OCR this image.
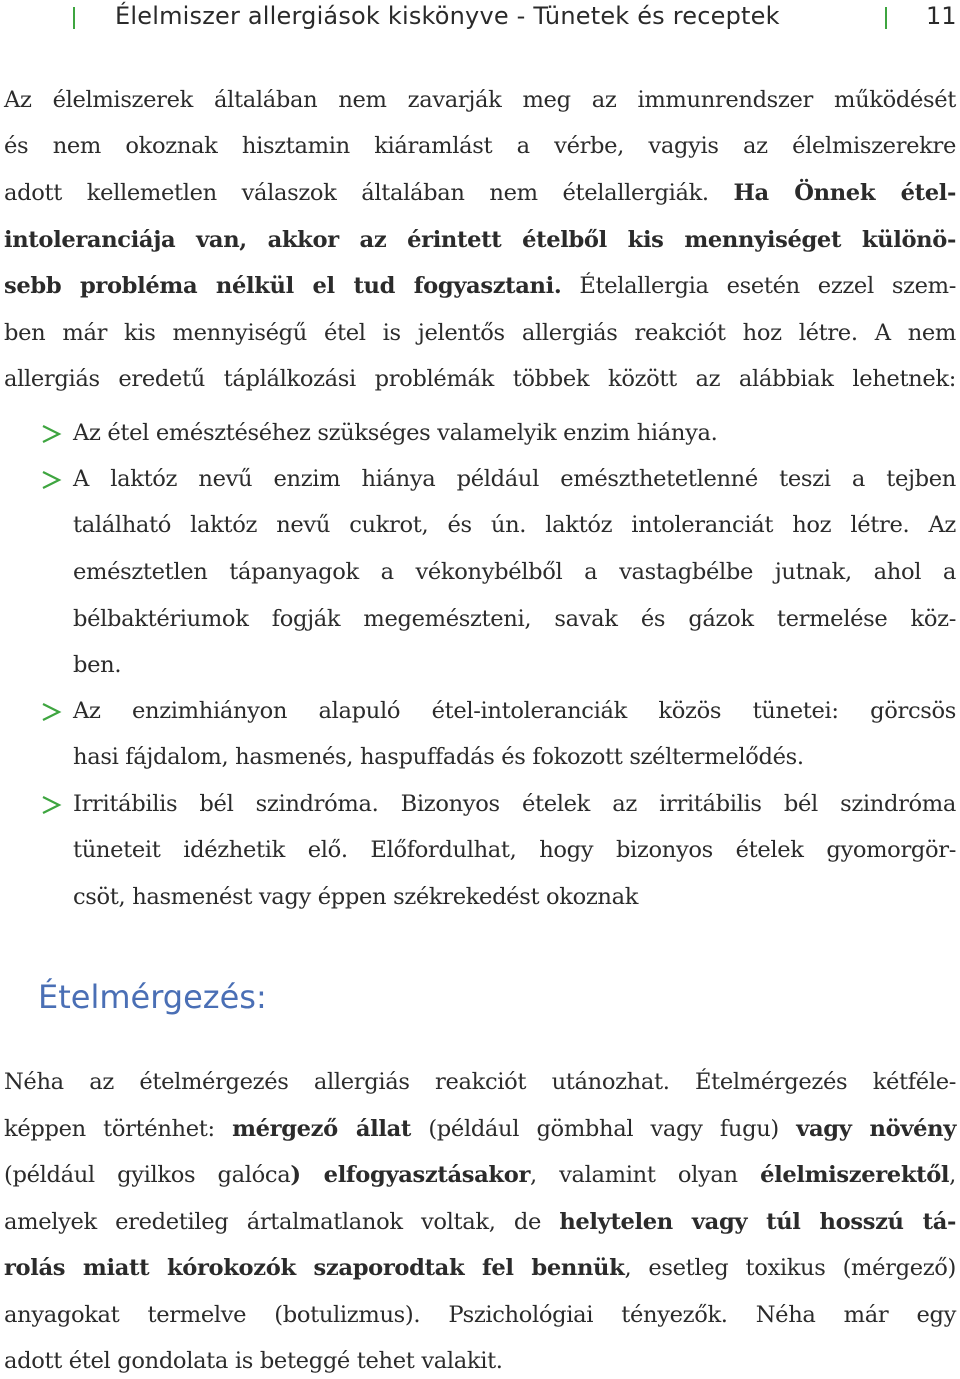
Élelmiszer allergiások kiskönyve - Tünetek és receptek	11
Az élelmiszerek általában nem zavarják meg az immunrendszer működését
és nem okoznak hisztamin kiáramlást a vérbe, vagyis az élelmiszerekre
adott kellemetlen válaszok általában nem ételallergiák. Ha Önnek étel-
intoleranciája van, akkor az érintett ételből kis mennyiséget különö-
sebb probléma nélkül el tud fogyasztani. Ételallergia esetén ezzel szem-
ben már kis mennyiségű étel is jelentős allergiás reakciót hoz létre. A nem
allergiás eredetű táplálkozási problémák többek között az alábbiak lehetnek:
Az étel emésztéséhez szükséges valamelyik enzim hiánya.
A laktóz nevű enzim hiánya például emészthetetlenné teszi a tejben
található laktóz nevű cukrot, és ún. laktóz intoleranciát hoz létre. Az
emésztetlen tápanyagok a vékonybélből a vastagbélbe jutnak, ahol a
bélbaktériumok fogják megemészteni, savak és gázok termelése köz-
ben.
Az enzimhiányon alapuló étel-intoleranciák közös tünetei: görcsös
hasi fájdalom, hasmenés, haspuffadás és fokozott széltermelődés.
Irritábilis bél szindróma. Bizonyos ételek az irritábilis bél szindróma
tüneteit idézhetik elő. Előfordulhat, hogy bizonyos ételek gyomorgör-
csöt, hasmenést vagy éppen székrekedést okoznak
Ételmérgezés:
Néha az ételmérgezés allergiás reakciót utánozhat. Ételmérgezés kétféle-
képpen történhet: mérgező állat (például gömbhal vagy fugu) vagy növény
(például gyilkos galóca) elfogyasztásakor, valamint olyan élelmiszerektől,
amelyek eredetileg ártalmatlanok voltak, de helytelen vagy túl hosszú tá-
rolás miatt kórokozók szaporodtak fel bennük, esetleg toxikus (mérgező)
anyagokat termelve (botulizmus). Pszichológiai tényezők. Néha már egy
adott étel gondolata is beteggé tehet valakit.
